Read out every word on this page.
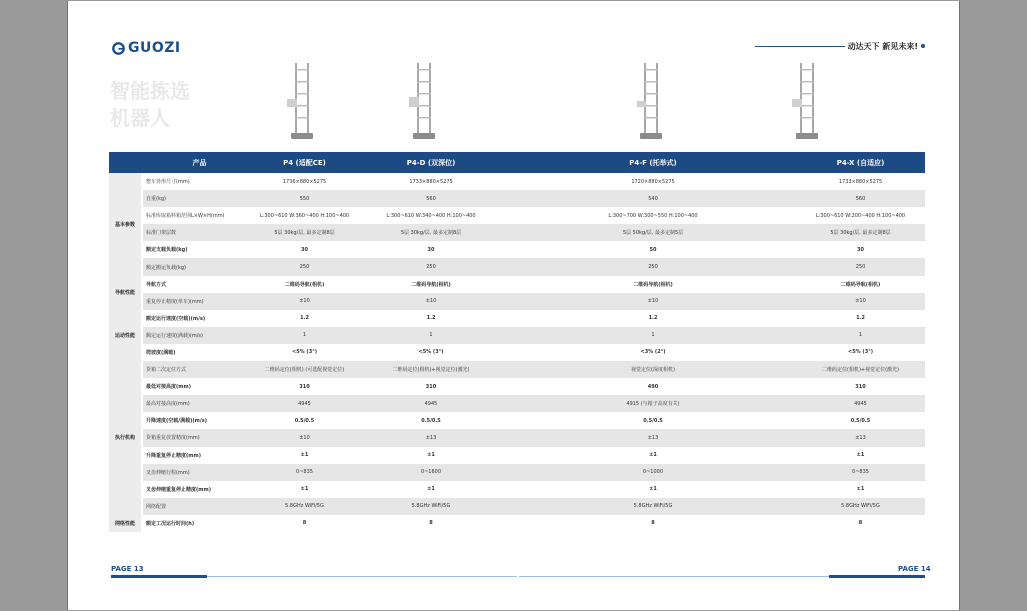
GUOZI	动达天下 新见未来!
智能拣选
机器人
	产品	P4 (适配CE)	P4-D (双深位)	P4-F (托举式)	P4-X (自适应)
基本参数	整车外形尺寸(mm)	1736×880×5275	1733×880×5275	1720×880×5275	1733×880×5275
	自重(kg)	550	560	540	560
	标准库取箱料箱范围L×W×H(mm)	L:300~610 W:360~400 H:100~400	L:300~610 W:340~400 H:100~400	L:300~700 W:300~550 H:100~400	L:300~610 W:200~400 H:100~400
	标准门架层数	5层 30kg/层, 最多定制8层	5层 30kg/层, 最多定制8层	5层 50kg/层, 最多定制5层	5层 30kg/层, 最多定制8层
	额定支载负载(kg)	30	30	50	30
	额定搬运负载(kg)	250	250	250	250
导航性能	导航方式	二维码导航(相机)	二维码导航(相机)	二维码导航(相机)	二维码导航(相机)
	重复停止精度(单车)(mm)	±10	±10	±10	±10
运动性能	额定运行速度(空载)(m/s)	1.2	1.2	1.2	1.2
	额定运行速度(满载)(m/s)	1	1	1	1
	爬坡度(满载)	<5% (3°)	<5% (3°)	<3% (2°)	<5% (3°)
执行机构	货箱二次定位方式	二维码定位(相机) (可选配视觉定位)	二维码定位(相机)+视觉定位(激光)	视觉定位(深度相机)	二维码定位(相机)+视觉定位(激光)
	最低对接高度(mm)	310	310	490	310
	最高对接高度(mm)	4945	4945	4915 (与箱子高度有关)	4945
	升降速度(空载/满载)(m/s)	0.5/0.5	0.5/0.5	0.5/0.5	0.5/0.5
	货箱重复放置精度(mm)	±10	±13	±13	±13
	升降重复停止精度(mm)	±1	±1	±1	±1
	叉齿伸缩行程(mm)	0~835	0~1600	0~1000	0~835
	叉齿伸缩重复停止精度(mm)	±1	±1	±1	±1
	网络配置	5.8GHz WiFi/5G	5.8GHz WiFi/5G	5.8GHz WiFi/5G	5.8GHz WiFi/5G
网络性能	额定工况运行时间(h)	8	8	8	8
PAGE 13	PAGE 14
